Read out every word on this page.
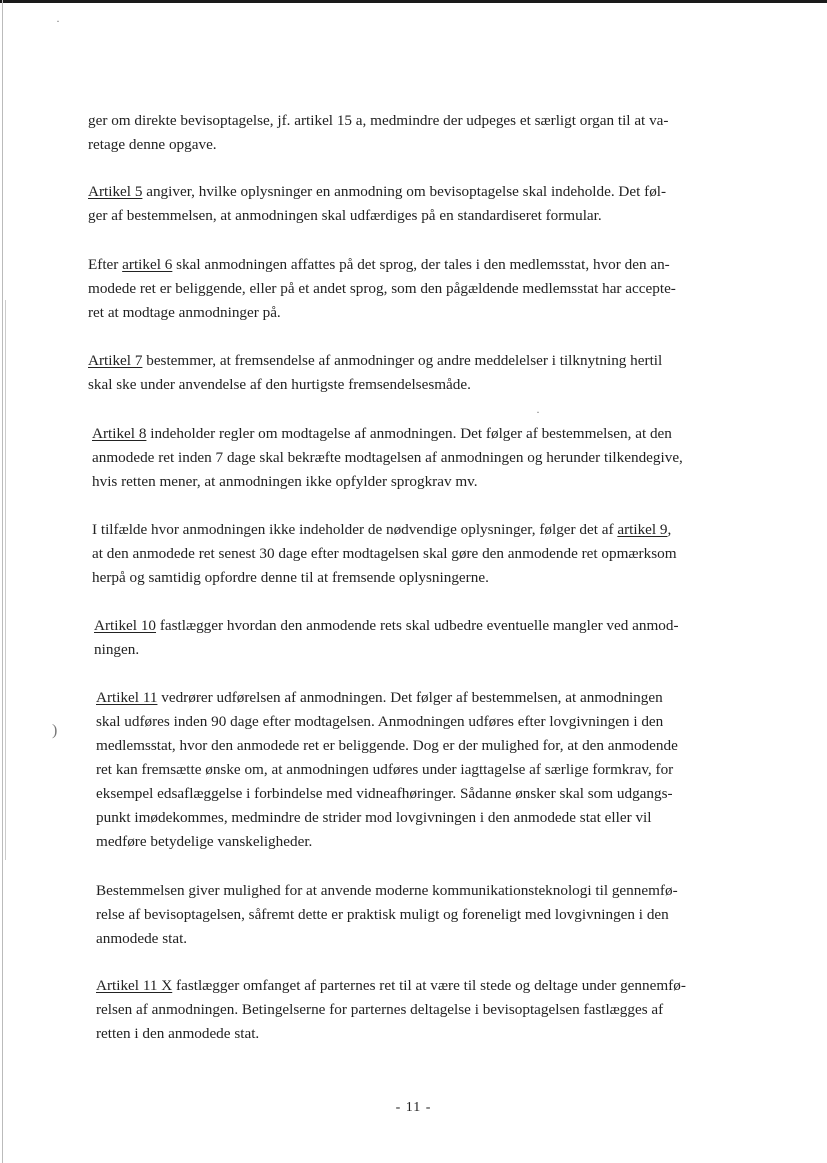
·
·
)
ger om direkte bevisoptagelse, jf. artikel 15 a, medmindre der udpeges et særligt organ til at va-
retage denne opgave.
Artikel 5 angiver, hvilke oplysninger en anmodning om bevisoptagelse skal indeholde. Det føl-
ger af bestemmelsen, at anmodningen skal udfærdiges på en standardiseret formular.
Efter artikel 6 skal anmodningen affattes på det sprog, der tales i den medlemsstat, hvor den an-
modede ret er beliggende, eller på et andet sprog, som den pågældende medlemsstat har accepte-
ret at modtage anmodninger på.
Artikel 7 bestemmer, at fremsendelse af anmodninger og andre meddelelser i tilknytning hertil
skal ske under anvendelse af den hurtigste fremsendelsesmåde.
Artikel 8 indeholder regler om modtagelse af anmodningen. Det følger af bestemmelsen, at den
anmodede ret inden 7 dage skal bekræfte modtagelsen af anmodningen og herunder tilkendegive,
hvis retten mener, at anmodningen ikke opfylder sprogkrav mv.
I tilfælde hvor anmodningen ikke indeholder de nødvendige oplysninger, følger det af artikel 9,
at den anmodede ret senest 30 dage efter modtagelsen skal gøre den anmodende ret opmærksom
herpå og samtidig opfordre denne til at fremsende oplysningerne.
Artikel 10 fastlægger hvordan den anmodende rets skal udbedre eventuelle mangler ved anmod-
ningen.
Artikel 11 vedrører udførelsen af anmodningen. Det følger af bestemmelsen, at anmodningen
skal udføres inden 90 dage efter modtagelsen. Anmodningen udføres efter lovgivningen i den
medlemsstat, hvor den anmodede ret er beliggende. Dog er der mulighed for, at den anmodende
ret kan fremsætte ønske om, at anmodningen udføres under iagttagelse af særlige formkrav, for
eksempel edsaflæggelse i forbindelse med vidneafhøringer. Sådanne ønsker skal som udgangs-
punkt imødekommes, medmindre de strider mod lovgivningen i den anmodede stat eller vil
medføre betydelige vanskeligheder.
Bestemmelsen giver mulighed for at anvende moderne kommunikationsteknologi til gennemfø-
relse af bevisoptagelsen, såfremt dette er praktisk muligt og foreneligt med lovgivningen i den
anmodede stat.
Artikel 11 X fastlægger omfanget af parternes ret til at være til stede og deltage under gennemfø-
relsen af anmodningen. Betingelserne for parternes deltagelse i bevisoptagelsen fastlægges af
retten i den anmodede stat.
- 11 -
